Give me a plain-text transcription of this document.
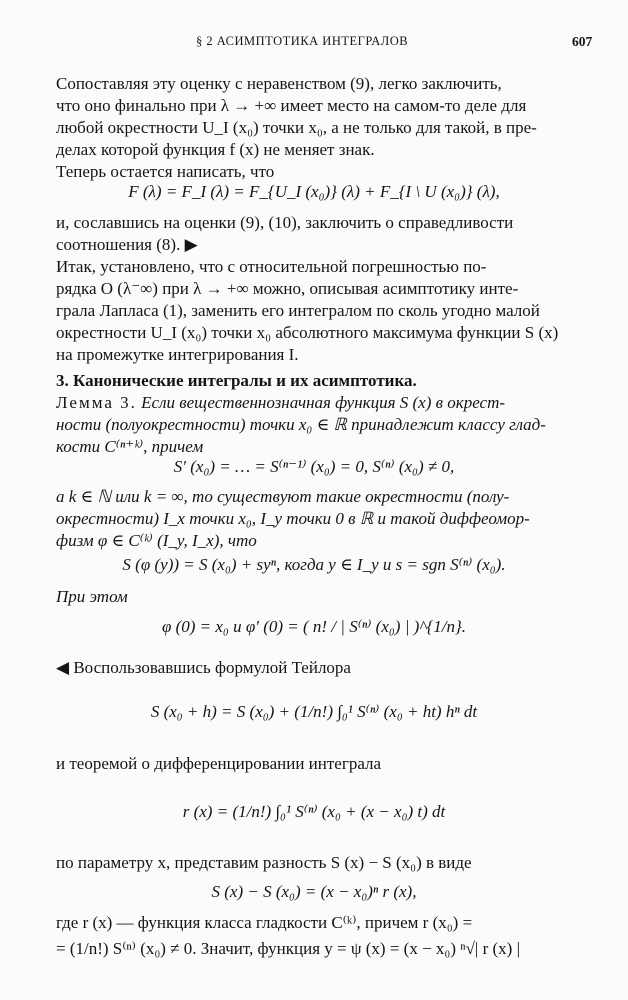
§ 2 АСИМПТОТИКА ИНТЕГРАЛОВ	607
Сопоставляя эту оценку с неравенством (9), легко заключить,
что оно финально при λ → +∞ имеет место на самом-то деле для
любой окрестности U_I (x₀) точки x₀, а не только для такой, в пре-
делах которой функция f (x) не меняет знак.
Теперь остается написать, что
F (λ) = F_I (λ) = F_{U_I (x₀)} (λ) + F_{I \ U (x₀)} (λ),
и, сославшись на оценки (9), (10), заключить о справедливости
соотношения (8). ▶
Итак, установлено, что с относительной погрешностью по-
рядка O (λ⁻∞) при λ → +∞ можно, описывая асимптотику инте-
грала Лапласа (1), заменить его интегралом по сколь угодно малой
окрестности U_I (x₀) точки x₀ абсолютного максимума функции S (x)
на промежутке интегрирования I.
3. Канонические интегралы и их асимптотика.
Лемма 3. Если вещественнозначная функция S (x) в окрест-
ности (полуокрестности) точки x₀ ∈ ℝ принадлежит классу глад-
кости C⁽ⁿ⁺ᵏ⁾, причем
S′ (x₀) = … = S⁽ⁿ⁻¹⁾ (x₀) = 0, S⁽ⁿ⁾ (x₀) ≠ 0,
а k ∈ ℕ или k = ∞, то существуют такие окрестности (полу-
окрестности) I_x точки x₀, I_y точки 0 в ℝ и такой диффеомор-
физм φ ∈ C⁽ᵏ⁾ (I_y, I_x), что
S (φ (y)) = S (x₀) + syⁿ, когда y ∈ I_y и s = sgn S⁽ⁿ⁾ (x₀).
При этом
φ (0) = x₀ и φ′ (0) = ( n! / | S⁽ⁿ⁾ (x₀) | )^{1/n}.
◀ Воспользовавшись формулой Тейлора
S (x₀ + h) = S (x₀) + (1/n!) ∫₀¹ S⁽ⁿ⁾ (x₀ + ht) hⁿ dt
и теоремой о дифференцировании интеграла
r (x) = (1/n!) ∫₀¹ S⁽ⁿ⁾ (x₀ + (x − x₀) t) dt
по параметру x, представим разность S (x) − S (x₀) в виде
S (x) − S (x₀) = (x − x₀)ⁿ r (x),
где r (x) — функция класса гладкости C⁽ᵏ⁾, причем r (x₀) =
= (1/n!) S⁽ⁿ⁾ (x₀) ≠ 0. Значит, функция y = ψ (x) = (x − x₀) ⁿ√| r (x) |
